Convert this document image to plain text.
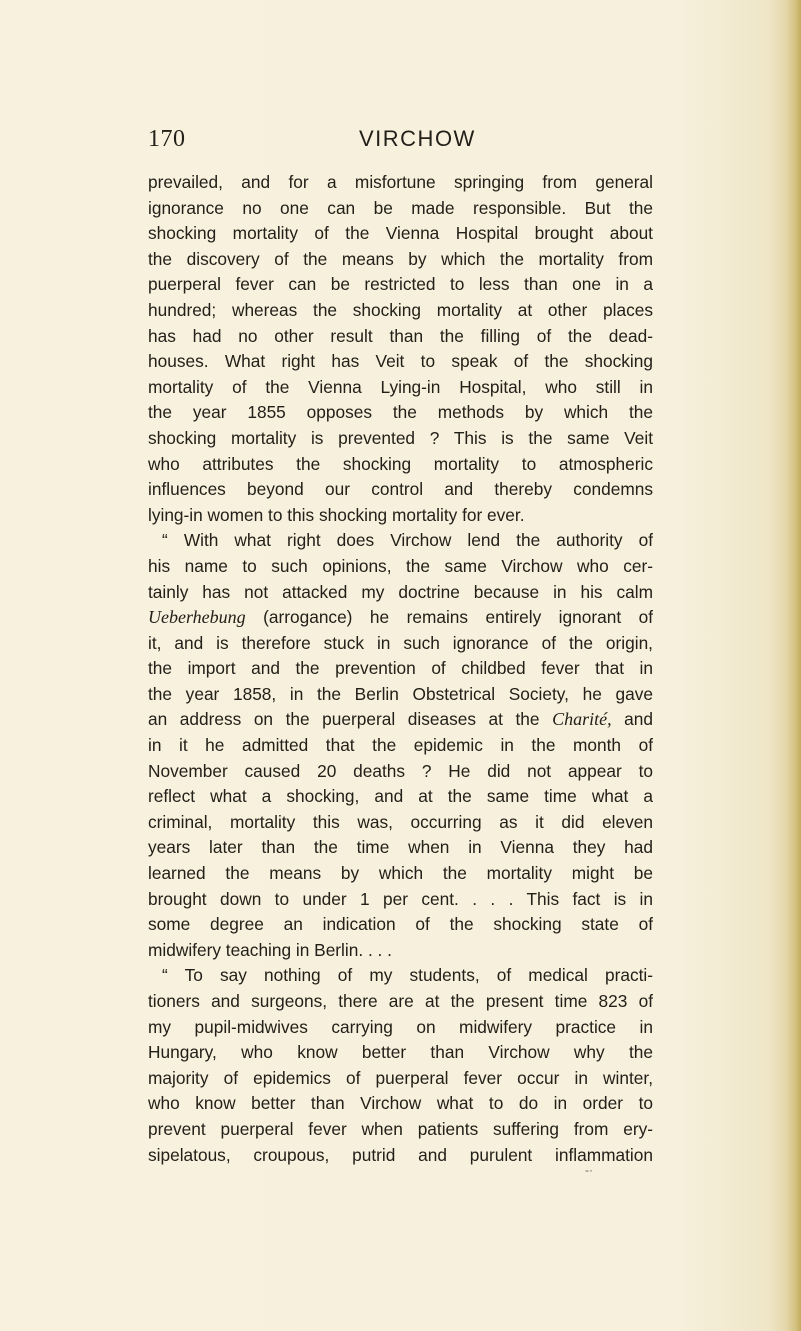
170	VIRCHOW
prevailed, and for a misfortune springing from general
ignorance no one can be made responsible. But the
shocking mortality of the Vienna Hospital brought about
the discovery of the means by which the mortality from
puerperal fever can be restricted to less than one in a
hundred; whereas the shocking mortality at other places
has had no other result than the filling of the dead-
houses. What right has Veit to speak of the shocking
mortality of the Vienna Lying-in Hospital, who still in
the year 1855 opposes the methods by which the
shocking mortality is prevented ? This is the same Veit
who attributes the shocking mortality to atmospheric
influences beyond our control and thereby condemns
lying-in women to this shocking mortality for ever.
“ With what right does Virchow lend the authority of
his name to such opinions, the same Virchow who cer-
tainly has not attacked my doctrine because in his calm
Ueberhebung (arrogance) he remains entirely ignorant of
it, and is therefore stuck in such ignorance of the origin,
the import and the prevention of childbed fever that in
the year 1858, in the Berlin Obstetrical Society, he gave
an address on the puerperal diseases at the Charité, and
in it he admitted that the epidemic in the month of
November caused 20 deaths ? He did not appear to
reflect what a shocking, and at the same time what a
criminal, mortality this was, occurring as it did eleven
years later than the time when in Vienna they had
learned the means by which the mortality might be
brought down to under 1 per cent. . . . This fact is in
some degree an indication of the shocking state of
midwifery teaching in Berlin. . . .
“ To say nothing of my students, of medical practi-
tioners and surgeons, there are at the present time 823 of
my pupil-midwives carrying on midwifery practice in
Hungary, who know better than Virchow why the
majority of epidemics of puerperal fever occur in winter,
who know better than Virchow what to do in order to
prevent puerperal fever when patients suffering from ery-
sipelatous, croupous, putrid and purulent inflammation
-·
